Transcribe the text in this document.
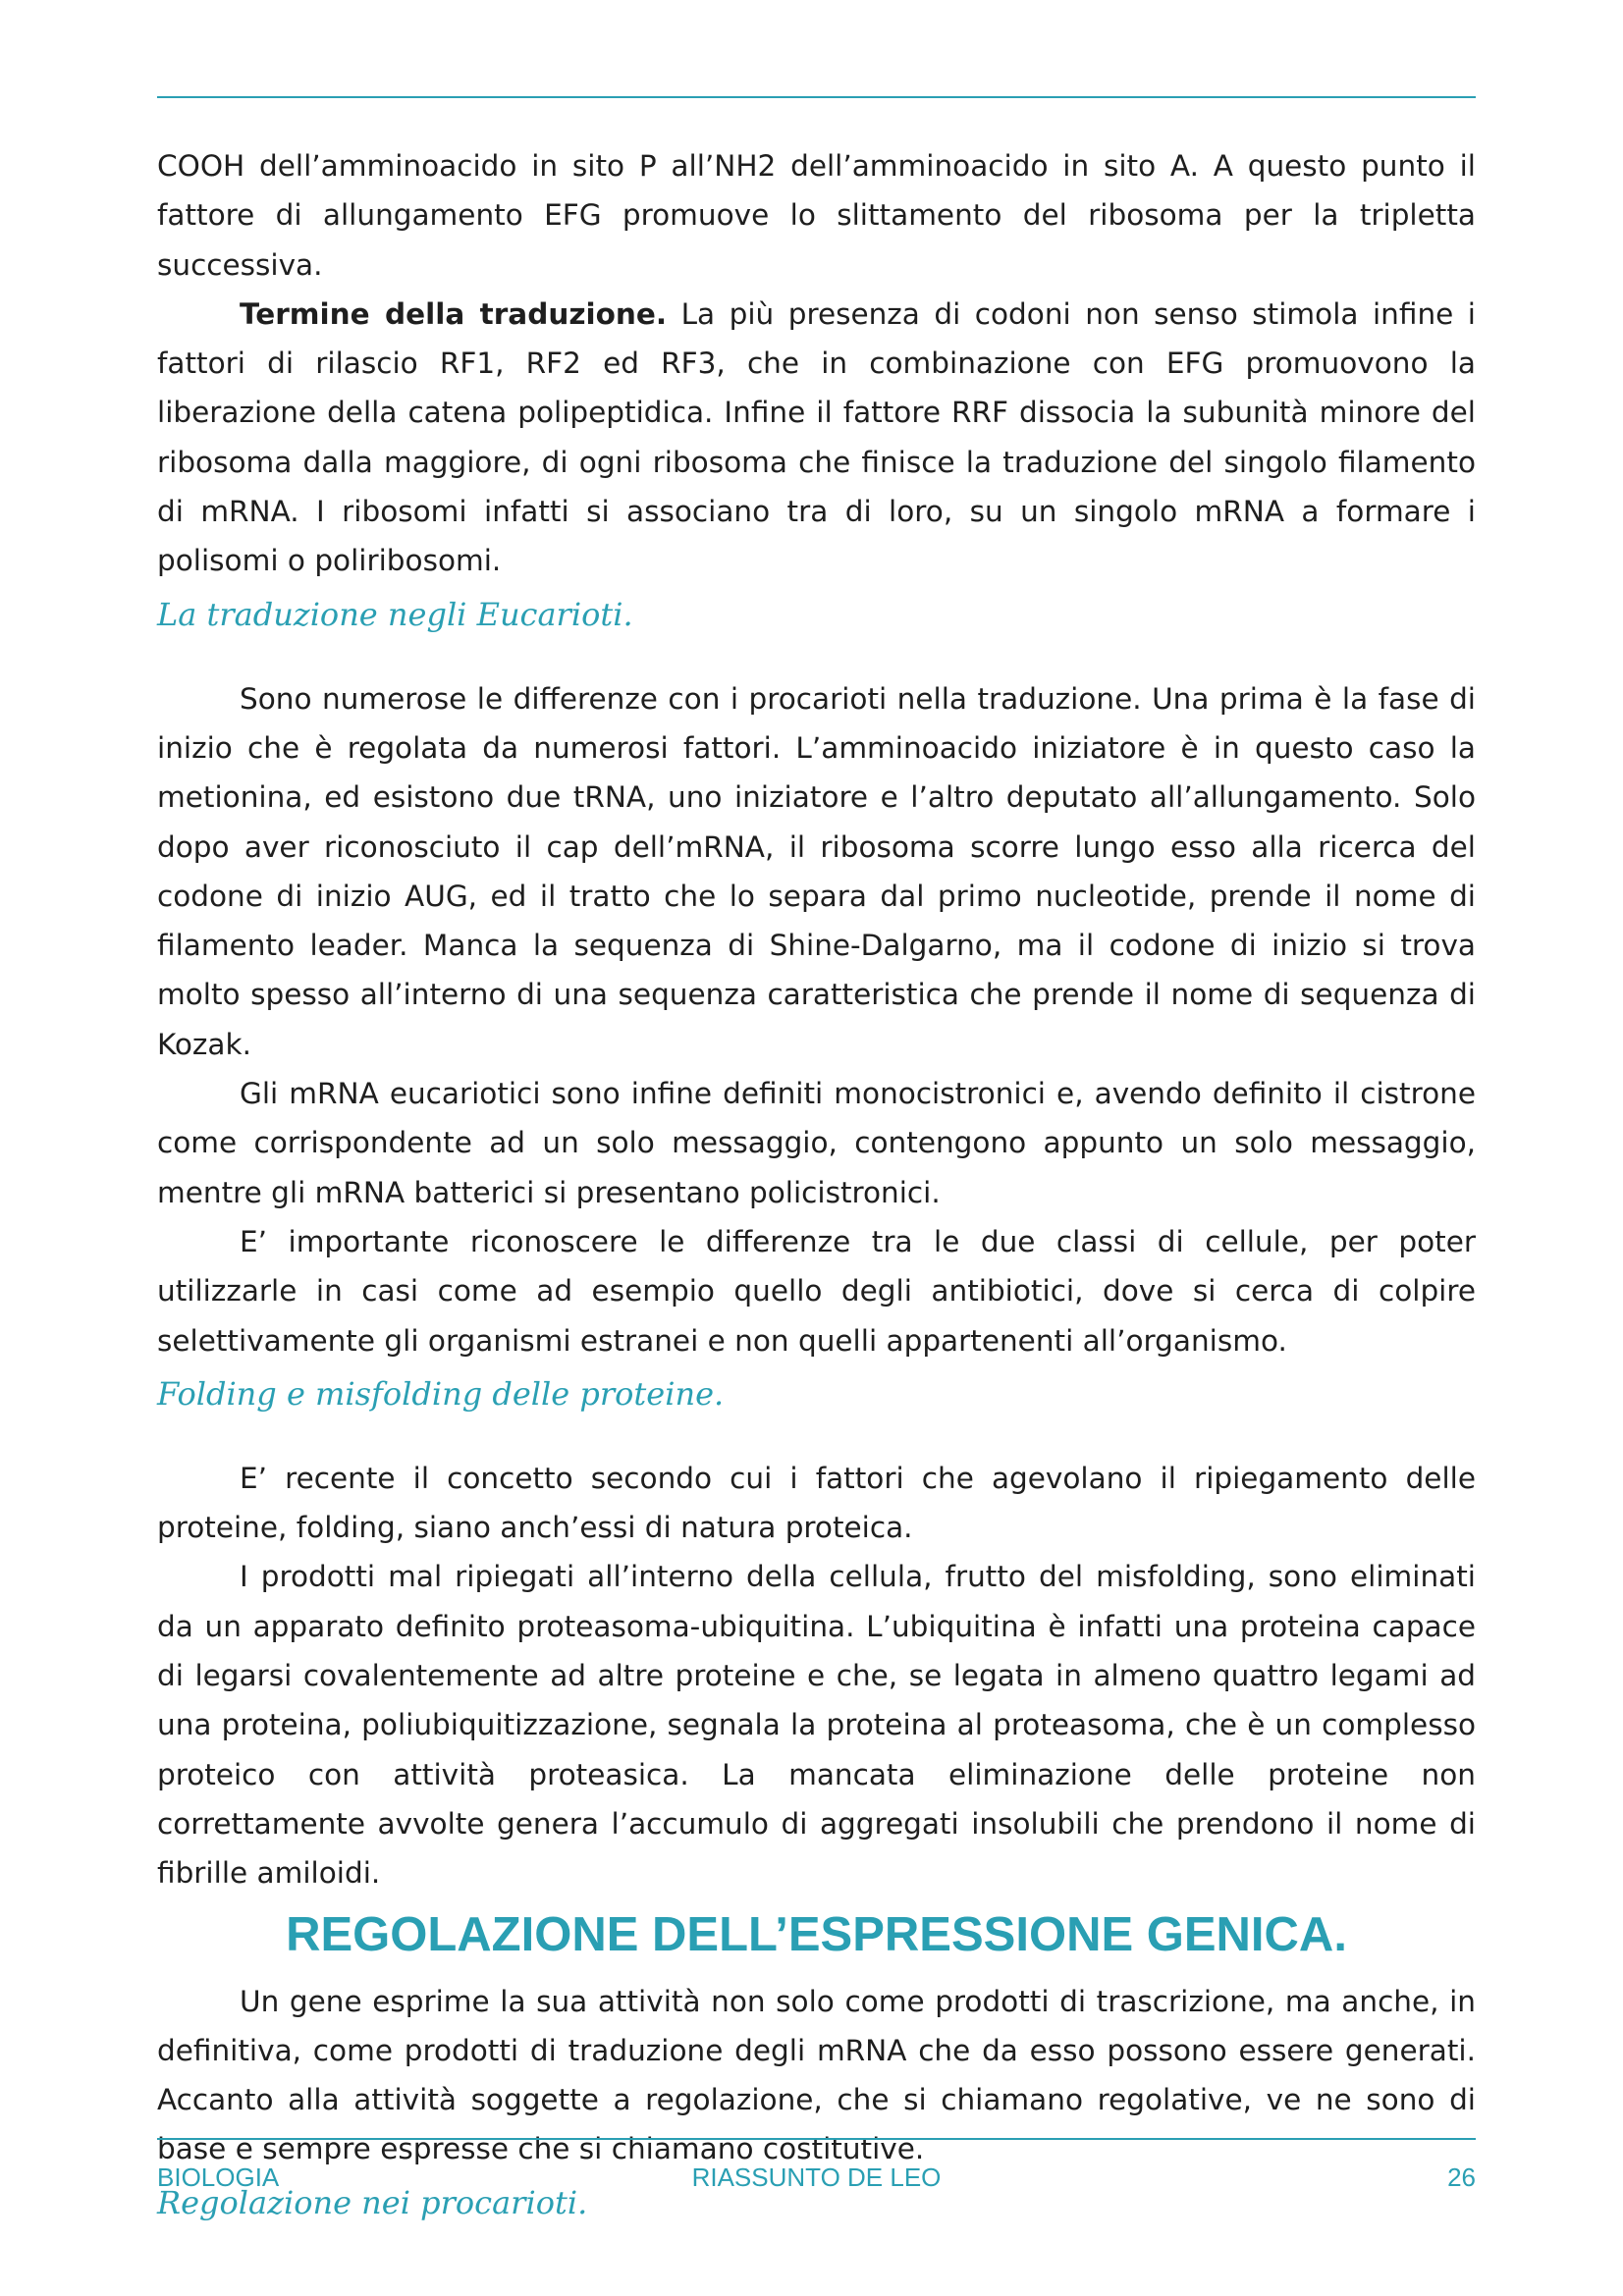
COOH dell’amminoacido in sito P all’NH2 dell’amminoacido in sito A. A questo punto il fattore di allungamento EFG promuove lo slittamento del ribosoma per la tripletta successiva.

Termine della traduzione. La più presenza di codoni non senso stimola infine i fattori di rilascio RF1, RF2 ed RF3, che in combinazione con EFG promuovono la liberazione della catena polipeptidica. Infine il fattore RRF dissocia la subunità minore del ribosoma dalla maggiore, di ogni ribosoma che finisce la traduzione del singolo filamento di mRNA. I ribosomi infatti si associano tra di loro, su un singolo mRNA a formare i polisomi o poliribosomi.

La traduzione negli Eucarioti.

Sono numerose le differenze con i procarioti nella traduzione. Una prima è la fase di inizio che è regolata da numerosi fattori. L’amminoacido iniziatore è in questo caso la metionina, ed esistono due tRNA, uno iniziatore e l’altro deputato all’allungamento. Solo dopo aver riconosciuto il cap dell’mRNA, il ribosoma scorre lungo esso alla ricerca del codone di inizio AUG, ed il tratto che lo separa dal primo nucleotide, prende il nome di filamento leader. Manca la sequenza di Shine-Dalgarno, ma il codone di inizio si trova molto spesso all’interno di una sequenza caratteristica che prende il nome di sequenza di Kozak.

Gli mRNA eucariotici sono infine definiti monocistronici e, avendo definito il cistrone come corrispondente ad un solo messaggio, contengono appunto un solo messaggio, mentre gli mRNA batterici si presentano policistronici.

E’ importante riconoscere le differenze tra le due classi di cellule, per poter utilizzarle in casi come ad esempio quello degli antibiotici, dove si cerca di colpire selettivamente gli organismi estranei e non quelli appartenenti all’organismo.

Folding e misfolding delle proteine.

E’ recente il concetto secondo cui i fattori che agevolano il ripiegamento delle proteine, folding, siano anch’essi di natura proteica.

I prodotti mal ripiegati all’interno della cellula, frutto del misfolding, sono eliminati da un apparato definito proteasoma-ubiquitina. L’ubiquitina è infatti una proteina capace di legarsi covalentemente ad altre proteine e che, se legata in almeno quattro legami ad una proteina, poliubiquitizzazione, segnala la proteina al proteasoma, che è un complesso proteico con attività proteasica. La mancata eliminazione delle proteine non correttamente avvolte genera l’accumulo di aggregati insolubili che prendono il nome di fibrille amiloidi.

REGOLAZIONE DELL’ESPRESSIONE GENICA.

Un gene esprime la sua attività non solo come prodotti di trascrizione, ma anche, in definitiva, come prodotti di traduzione degli mRNA che da esso possono essere generati. Accanto alla attività soggette a regolazione, che si chiamano regolative, ve ne sono di base e sempre espresse che si chiamano costitutive.

Regolazione nei procarioti.
BIOLOGIA	RIASSUNTO DE LEO	26
